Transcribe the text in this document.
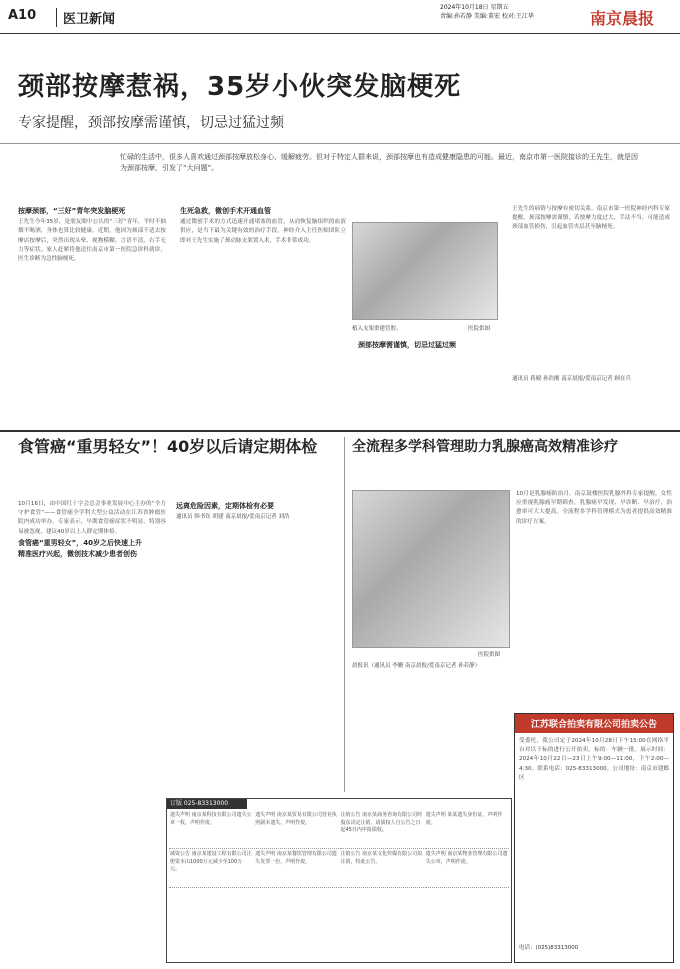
A10	医卫新闻
2024年10月18日 星期五
责编:孙若静 美编:董宏 校对:王江华	南京晨报
颈部按摩惹祸，35岁小伙突发脑梗死
专家提醒，颈部按摩需谨慎，切忌过猛过频
忙碌的生活中，很多人喜欢通过颈部按摩放松身心、缓解疲劳。但对于特定人群来说，颈部按摩也有造成健康隐患的可能。最近，南京市第一医院接诊的王先生，就是因为颈部按摩，引发了“大问题”。
按摩颈部，“三好”青年突发脑梗死
王先生今年35岁，是朋友眼中公认的“三好”青年，平时不抽烟不喝酒，身体也算比较健康。近期，他因为颈部不适去按摩店按摩后，突然出现头晕、视物模糊、言语不清，右手无力等症状。家人赶紧将他送往南京市第一医院急诊科就诊，医生诊断为急性脑梗死。
生死急救，微创手术开通血管
通过微创手术的方式迅速开通堵塞的血管，从而恢复脑组织的血液供应，是当下最为关键有效的治疗手段。神经介入主任医师团队立即对王先生实施了颈动脉支架置入术，手术非常成功。
植入支架重建管腔。	医院供图
颈部按摩需谨慎，切忌过猛过频
王先生的病情与按摩有密切关系。南京市第一医院神经内科专家提醒，颈部按摩需谨慎，若按摩力度过大、手法不当，可能造成颈部血管损伤，引起血管夹层甚至脑梗死。
通讯员 蒋殿 孙浩刚 南京晨报/爱南京记者 顾在兵
食管癌“重男轻女”！40岁以后请定期体检
10月16日，由中国红十字会总会事业发展中心主办的“全力守护食管”——食管癌全学科大型公益活动在江苏省肿瘤医院内成功举办。专家表示，早期食管癌症状不明显，特别容易被忽视，建议40岁以上人群定期体检。
食管癌“重男轻女”，40岁之后快速上升
精准医疗兴起，微创技术减少患者创伤
远离危险因素，定期体检有必要
通讯员 韩书钰 胡建 南京晨报/爱南京记者 刘浩
全流程多学科管理助力乳腺癌高效精准诊疗
医院供图
10月是乳腺癌防治月。南京鼓楼医院乳腺外科专家提醒，女性应重视乳腺癌早期筛查，乳腺癌早发现、早诊断、早治疗，治愈率可大大提高。全流程多学科管理模式为患者提供高效精准的诊疗方案。
晨报讯（通讯员 李姗 南京晨报/爱南京记者 孙若静）
江苏联合拍卖有限公司拍卖公告
受委托，我公司定于2024年10月28日下午15:00在网络平台对以下标的进行公开拍卖。标的：车辆一批。展示时间：2024年10月22日—23日上午9:00—11:00，下午2:00—4:30。联系电话：025-83313000。公司地址：南京市建邺区
电话：(025)83313000
订版 025-83313000
遗失声明 南京某科技有限公司遗失公章一枚，声明作废。
遗失声明 南京某贸易有限公司营业执照副本遗失，声明作废。
注销公告 南京某商务咨询有限公司经股东决定注销，请债权人自公告之日起45日内申报债权。
遗失声明 某某遗失身份证，声明作废。
减资公告 南京某建设工程有限公司注册资本由1000万元减少至100万元。
遗失声明 南京某餐饮管理有限公司遗失发票一份，声明作废。
注销公告 南京某文化传媒有限公司拟注销，特此公告。
遗失声明 南京某物业管理有限公司遗失公章，声明作废。
